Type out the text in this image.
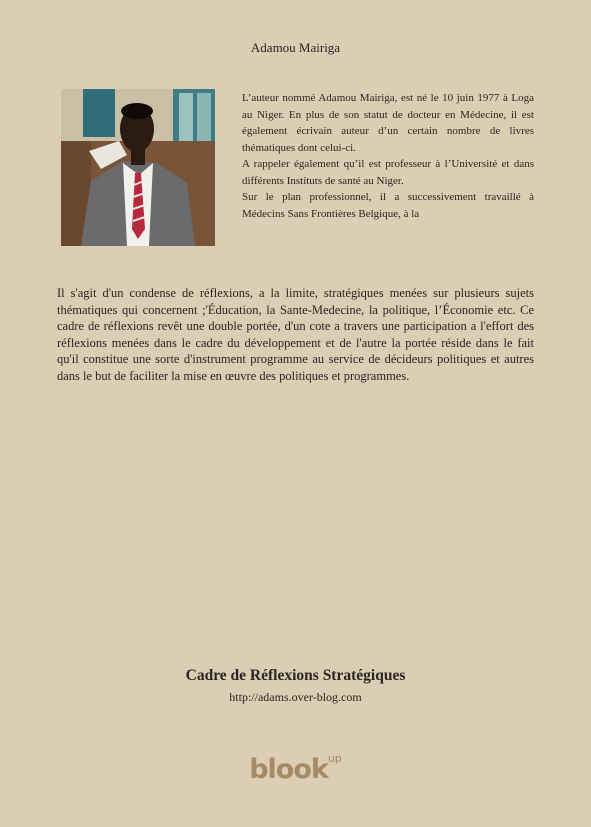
Adamou Mairiga

L’auteur nommé Adamou Mairiga, est né le 10 juin 1977 à Loga au Niger. En plus de son statut de docteur en Médecine, il est également écrivain auteur d’un certain nombre de livres thématiques dont celui-ci.

A rappeler également qu’il est professeur à l’Université et dans différents Instituts de santé au Niger.

Sur le plan professionnel, il a successivement travaillé à Médecins Sans Frontières Belgique, à la

Il s'agit d'un condense de réflexions, a la limite, stratégiques menées sur plusieurs sujets thématiques qui concernent ;'Éducation, la Sante-Medecine, la politique, l’Économie etc. Ce cadre de réflexions revêt une double portée, d'un cote a travers une participation a l'effort des réflexions menées dans le cadre du développement et de l'autre la portée réside dans le fait qu'il constitue une sorte d'instrument programme au service de décideurs politiques et autres dans le but de faciliter la mise en œuvre des politiques et programmes.

Cadre de Réflexions Stratégiques
http://adams.over-blog.com
blook$^{up}$
